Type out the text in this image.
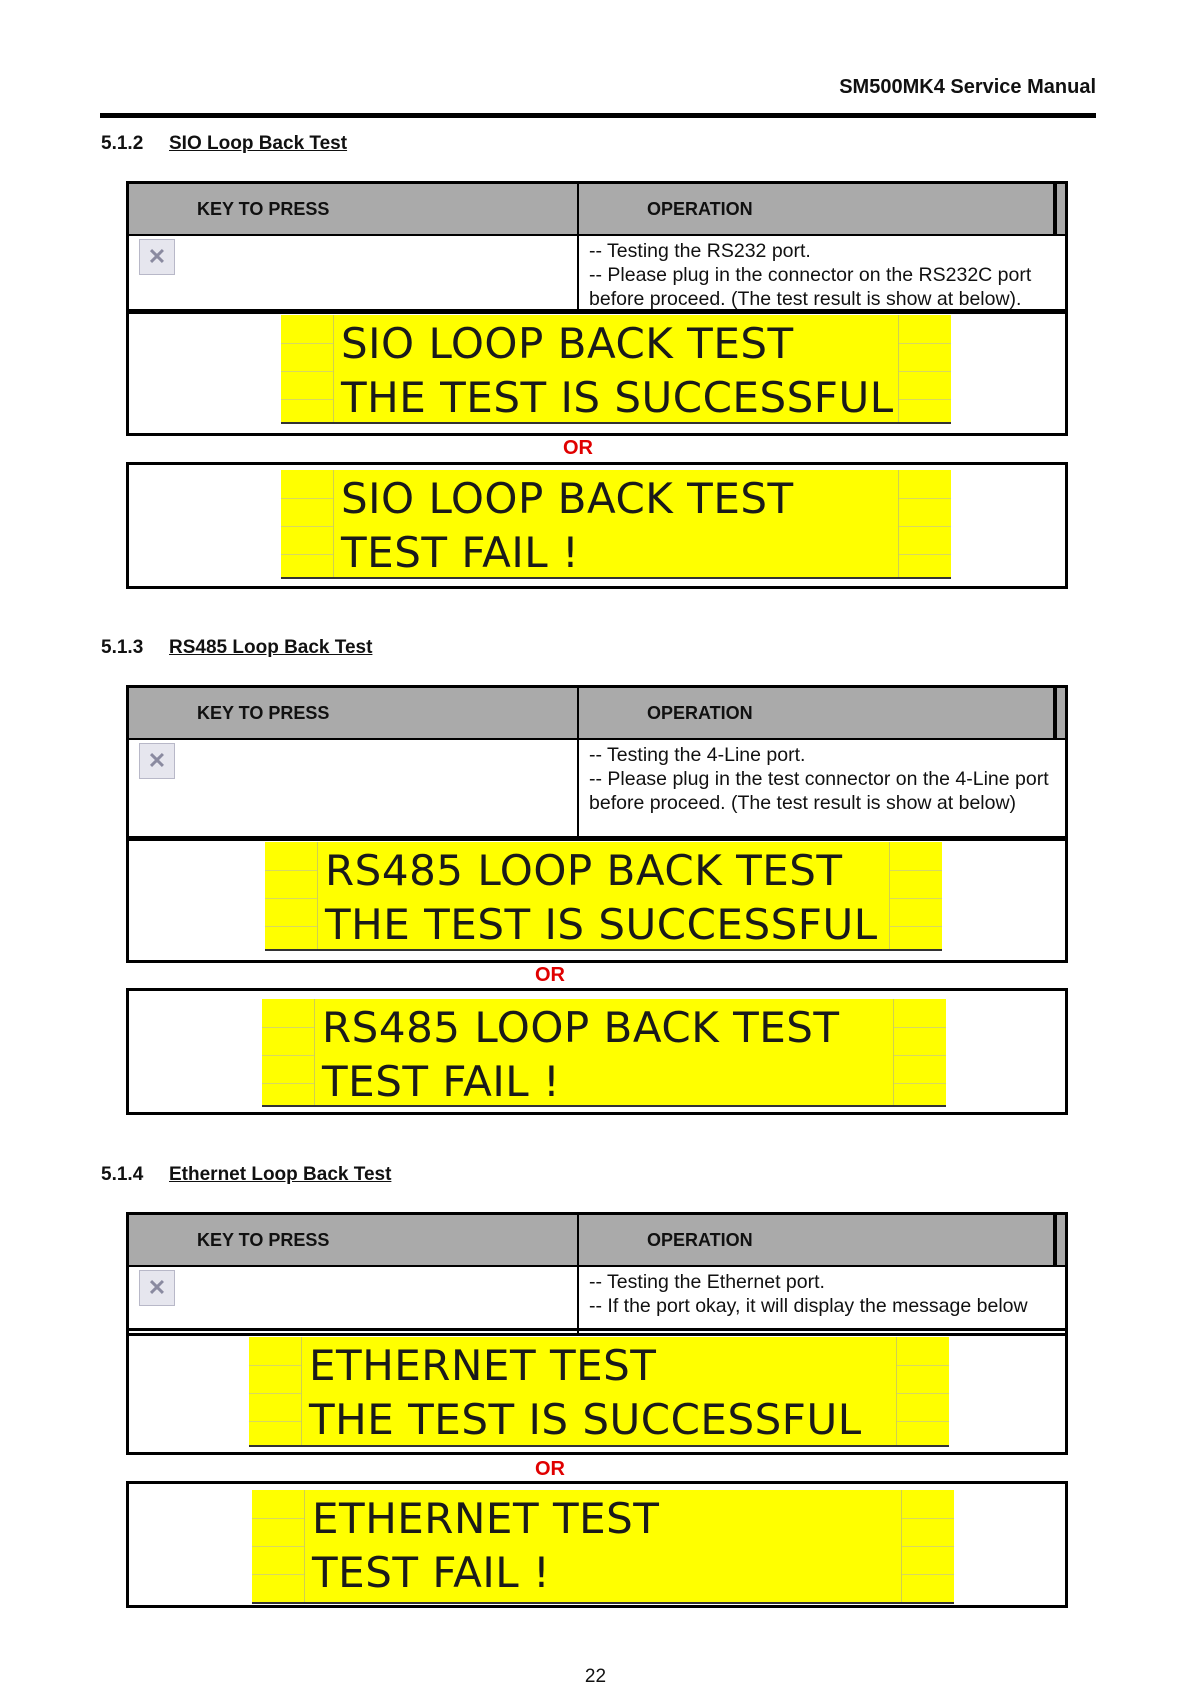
SM500MK4 Service Manual
5.1.2 SIO Loop Back Test
KEY TO PRESS	OPERATION
✕	-- Testing the RS232 port.

-- Please plug in the connector on the RS232C port before proceed. (The test result is show at below).

SIO LOOP BACK TEST
THE TEST IS SUCCESSFUL
OR
SIO LOOP BACK TEST
TEST FAIL !
5.1.3 RS485 Loop Back Test
KEY TO PRESS	OPERATION
✕	-- Testing the 4-Line port.

-- Please plug in the test connector on the 4-Line port before proceed. (The test result is show at below)

RS485 LOOP BACK TEST
THE TEST IS SUCCESSFUL
OR
RS485 LOOP BACK TEST
TEST FAIL !
5.1.4 Ethernet Loop Back Test
KEY TO PRESS	OPERATION
✕	-- Testing the Ethernet port.

-- If the port okay, it will display the message below

ETHERNET TEST
THE TEST IS SUCCESSFUL
OR
ETHERNET TEST
TEST FAIL !
22
